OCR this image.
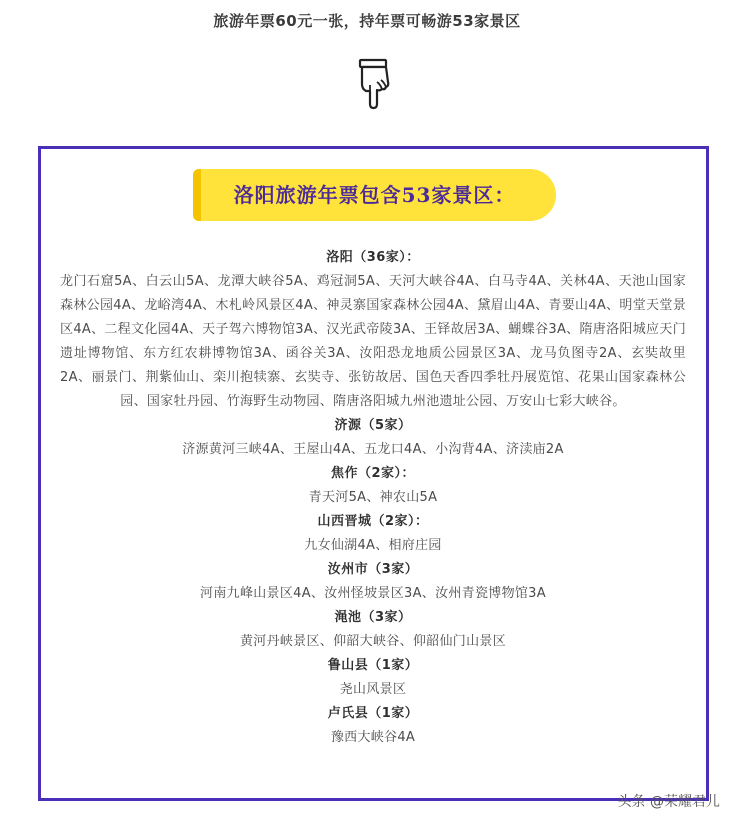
旅游年票60元一张，持年票可畅游53家景区
洛阳旅游年票包含53家景区：
洛阳（36家）：
龙门石窟5A、白云山5A、龙潭大峡谷5A、鸡冠洞5A、天河大峡谷4A、白马寺4A、关林4A、天池山国家森林公园4A、龙峪湾4A、木札岭风景区4A、神灵寨国家森林公园4A、黛眉山4A、青要山4A、明堂天堂景区4A、二程文化园4A、天子驾六博物馆3A、汉光武帝陵3A、王铎故居3A、蝴蝶谷3A、隋唐洛阳城应天门遗址博物馆、东方红农耕博物馆3A、函谷关3A、汝阳恐龙地质公园景区3A、龙马负图寺2A、玄奘故里2A、丽景门、荆紫仙山、栾川抱犊寨、玄奘寺、张钫故居、国色天香四季牡丹展览馆、花果山国家森林公园、国家牡丹园、竹海野生动物园、隋唐洛阳城九州池遗址公园、万安山七彩大峡谷。
济源（5家）
济源黄河三峡4A、王屋山4A、五龙口4A、小沟背4A、济渎庙2A
焦作（2家）：
青天河5A、神农山5A
山西晋城（2家）：
九女仙湖4A、相府庄园
汝州市（3家）
河南九峰山景区4A、汝州怪坡景区3A、汝州青瓷博物馆3A
渑池（3家）
黄河丹峡景区、仰韶大峡谷、仰韶仙门山景区
鲁山县（1家）
尧山风景区
卢氏县（1家）
豫西大峡谷4A
头条 @荣耀君儿
